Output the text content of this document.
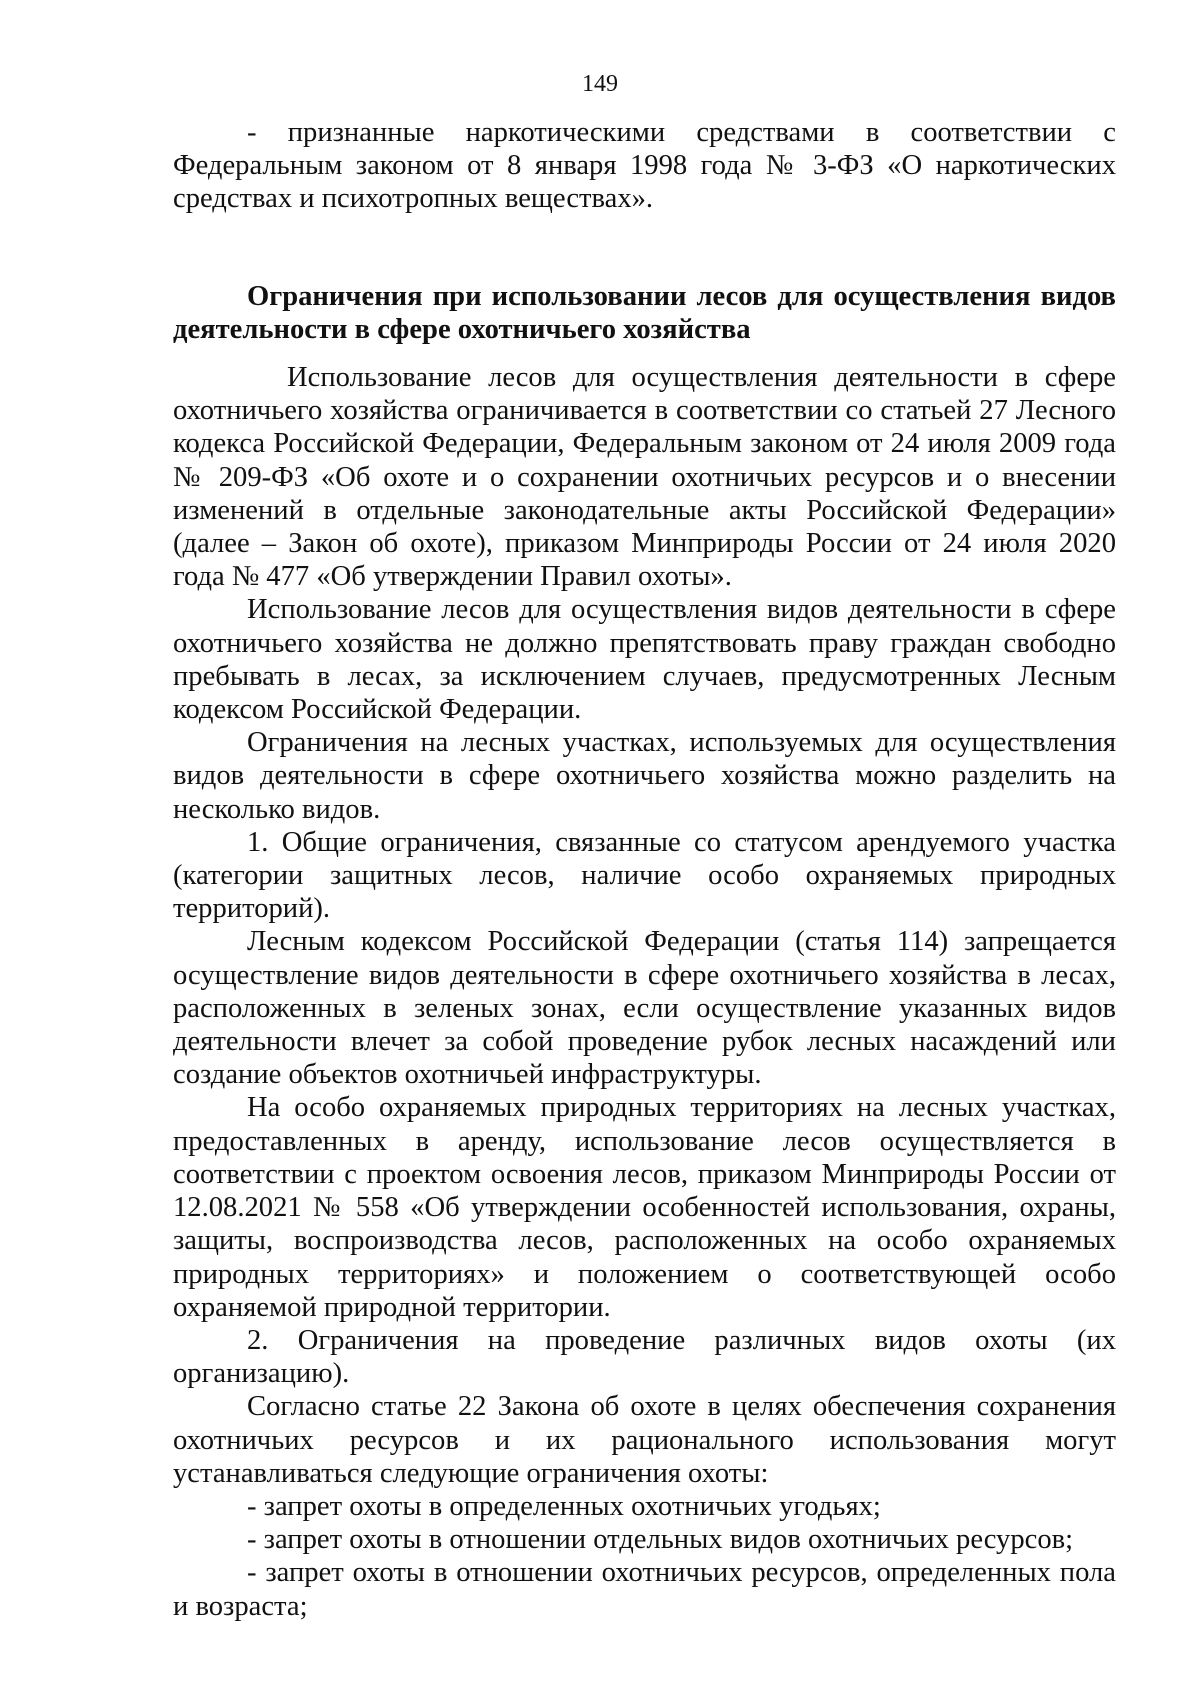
149

- признанные наркотическими средствами в соответствии с Федеральным законом от 8 января 1998 года № 3-ФЗ «О наркотических средствах и психотропных веществах».

Ограничения при использовании лесов для осуществления видов деятельности в сфере охотничьего хозяйства

Использование лесов для осуществления деятельности в сфере охотничьего хозяйства ограничивается в соответствии со статьей 27 Лесного кодекса Российской Федерации, Федеральным законом от 24 июля 2009 года № 209-ФЗ «Об охоте и о сохранении охотничьих ресурсов и о внесении изменений в отдельные законодательные акты Российской Федерации» (далее – Закон об охоте), приказом Минприроды России от 24 июля 2020 года № 477 «Об утверждении Правил охоты».

Использование лесов для осуществления видов деятельности в сфере охотничьего хозяйства не должно препятствовать праву граждан свободно пребывать в лесах, за исключением случаев, предусмотренных Лесным кодексом Российской Федерации.

Ограничения на лесных участках, используемых для осуществления видов деятельности в сфере охотничьего хозяйства можно разделить на несколько видов.

1. Общие ограничения, связанные со статусом арендуемого участка (категории защитных лесов, наличие особо охраняемых природных территорий).

Лесным кодексом Российской Федерации (статья 114) запрещается осуществление видов деятельности в сфере охотничьего хозяйства в лесах, расположенных в зеленых зонах, если осуществление указанных видов деятельности влечет за собой проведение рубок лесных насаждений или создание объектов охотничьей инфраструктуры.

На особо охраняемых природных территориях на лесных участках, предоставленных в аренду, использование лесов осуществляется в соответствии с проектом освоения лесов, приказом Минприроды России от 12.08.2021 № 558 «Об утверждении особенностей использования, охраны, защиты, воспроизводства лесов, расположенных на особо охраняемых природных территориях» и положением о соответствующей особо охраняемой природной территории.

2. Ограничения на проведение различных видов охоты (их организацию).

Согласно статье 22 Закона об охоте в целях обеспечения сохранения охотничьих ресурсов и их рационального использования могут устанавливаться следующие ограничения охоты:

- запрет охоты в определенных охотничьих угодьях;

- запрет охоты в отношении отдельных видов охотничьих ресурсов;

- запрет охоты в отношении охотничьих ресурсов, определенных пола и возраста;
